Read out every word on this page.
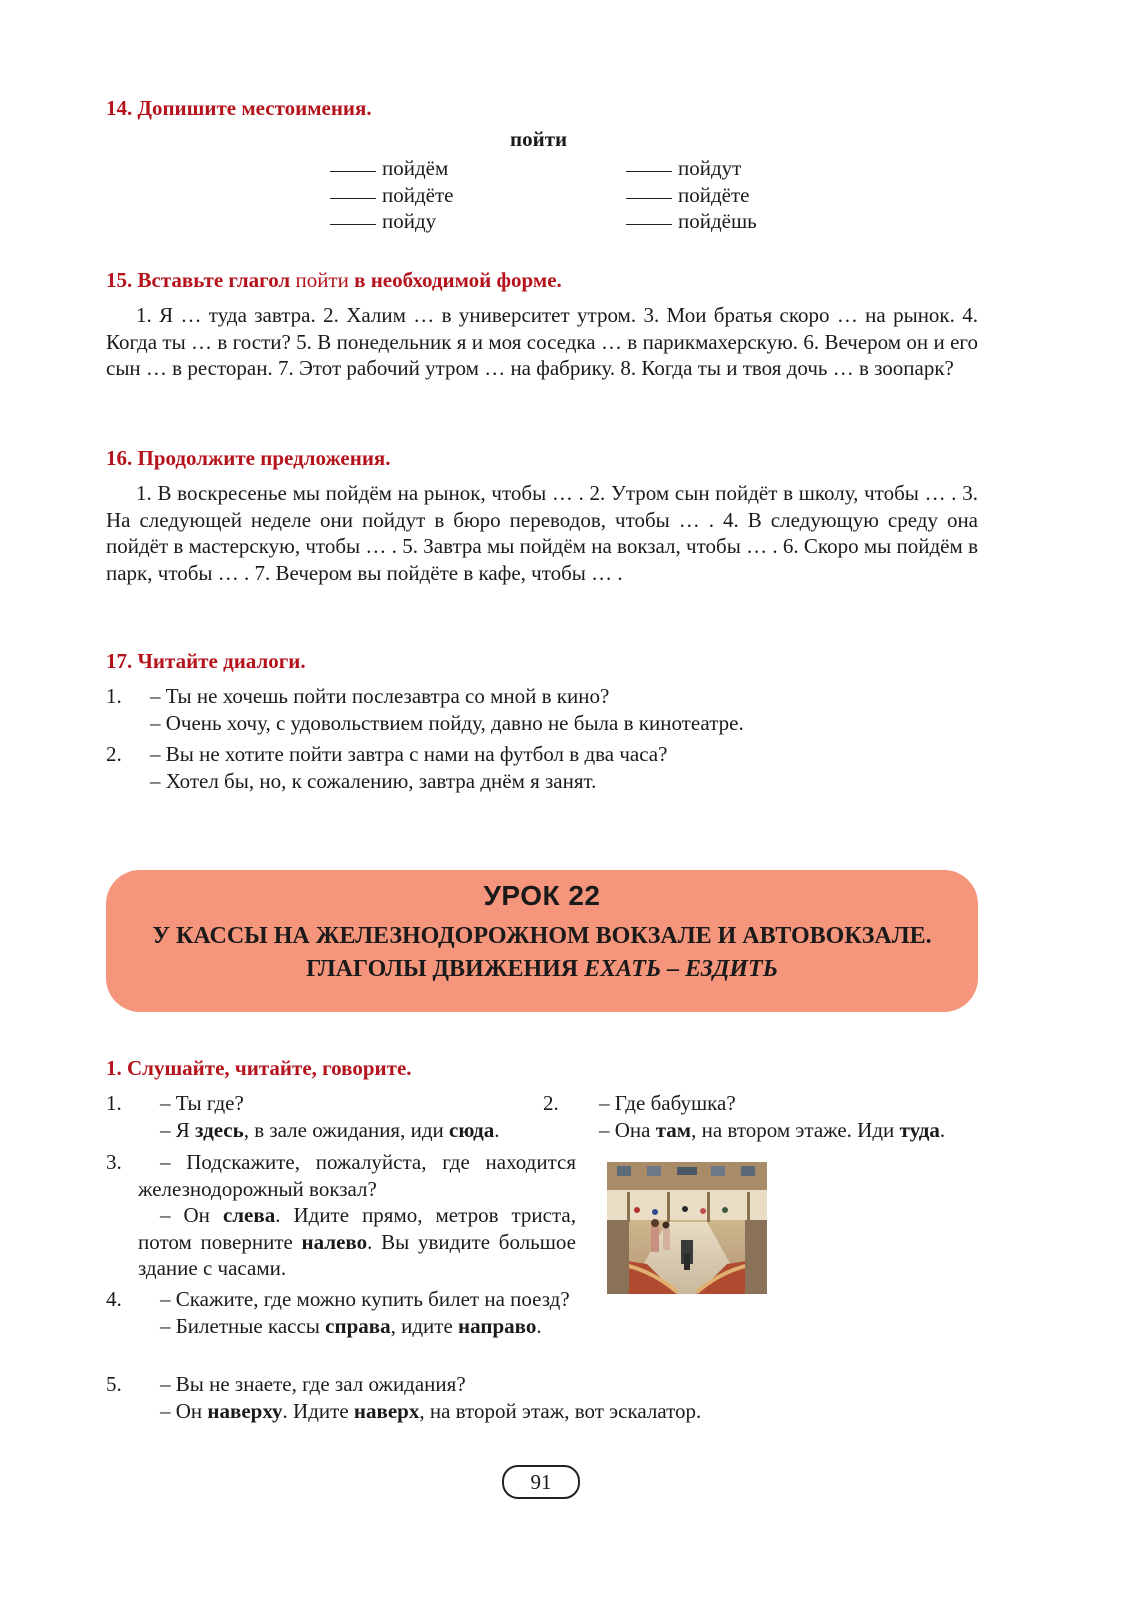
14. Допишите местоимения.
пойти
пойдём
пойдёте
пойду
пойдут
пойдёте
пойдёшь
15. Вставьте глагол пойти в необходимой форме.
1. Я … туда завтра. 2. Халим … в университет утром. 3. Мои братья скоро … на рынок. 4. Когда ты … в гости? 5. В понедельник я и моя соседка … в парикмахерскую. 6. Вечером он и его сын … в ресторан. 7. Этот рабочий утром … на фабрику. 8. Когда ты и твоя дочь … в зоопарк?
16. Продолжите предложения.
1. В воскресенье мы пойдём на рынок, чтобы … . 2. Утром сын пойдёт в школу, чтобы … . 3. На следующей неделе они пойдут в бюро переводов, чтобы … . 4. В следующую среду она пойдёт в мастерскую, чтобы … . 5. Завтра мы пойдём на вокзал, чтобы … . 6. Скоро мы пойдём в парк, чтобы … . 7. Вечером вы пойдёте в кафе, чтобы … .
17. Читайте диалоги.
1. – Ты не хочешь пойти послезавтра со мной в кино?
– Очень хочу, с удовольствием пойду, давно не была в кинотеатре.
2. – Вы не хотите пойти завтра с нами на футбол в два часа?
– Хотел бы, но, к сожалению, завтра днём я занят.
УРОК 22
У КАССЫ НА ЖЕЛЕЗНОДОРОЖНОМ ВОКЗАЛЕ И АВТОВОКЗАЛЕ.
ГЛАГОЛЫ ДВИЖЕНИЯ ЕХАТЬ – ЕЗДИТЬ
1. Слушайте, читайте, говорите.
1. – Ты где?
– Я здесь, в зале ожидания, иди сюда.
2. – Где бабушка?
– Она там, на втором этаже. Иди туда.
3.	– Подскажите, пожалуйста, где находится железнодорожный вокзал?
– Он слева. Идите прямо, метров триста, потом поверните налево. Вы увидите большое здание с часами.
4.	– Скажите, где можно купить билет на поезд?
– Билетные кассы справа, идите направо.
5. – Вы не знаете, где зал ожидания?
– Он наверху. Идите наверх, на второй этаж, вот эскалатор.
91
